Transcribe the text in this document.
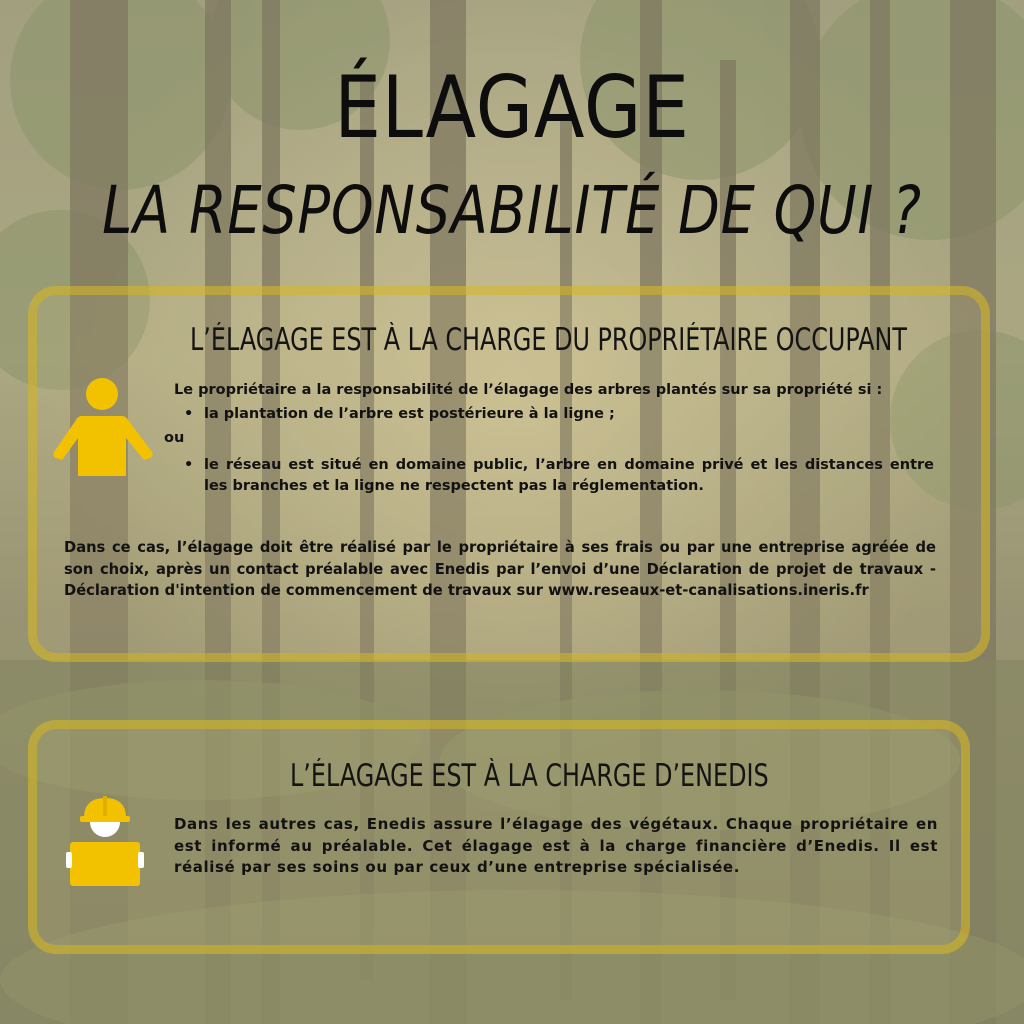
ÉLAGAGE
LA RESPONSABILITÉ DE QUI ?
L’ÉLAGAGE EST À LA CHARGE DU PROPRIÉTAIRE OCCUPANT
Le propriétaire a la responsabilité de l’élagage des arbres plantés sur sa propriété si :
• la plantation de l’arbre est postérieure à la ligne ;
ou
• le réseau est situé en domaine public, l’arbre en domaine privé et les distances entre les branches et la ligne ne respectent pas la réglementation.
Dans ce cas, l’élagage doit être réalisé par le propriétaire à ses frais ou par une entreprise agréée de son choix, après un contact préalable avec Enedis par l’envoi d’une Déclaration de projet de travaux - Déclaration d'intention de commencement de travaux sur www.reseaux-et-canalisations.ineris.fr
L’ÉLAGAGE EST À LA CHARGE D’ENEDIS
Dans les autres cas, Enedis assure l’élagage des végétaux. Chaque propriétaire en est informé au préalable. Cet élagage est à la charge financière d’Enedis. Il est réalisé par ses soins ou par ceux d’une entreprise spécialisée.
